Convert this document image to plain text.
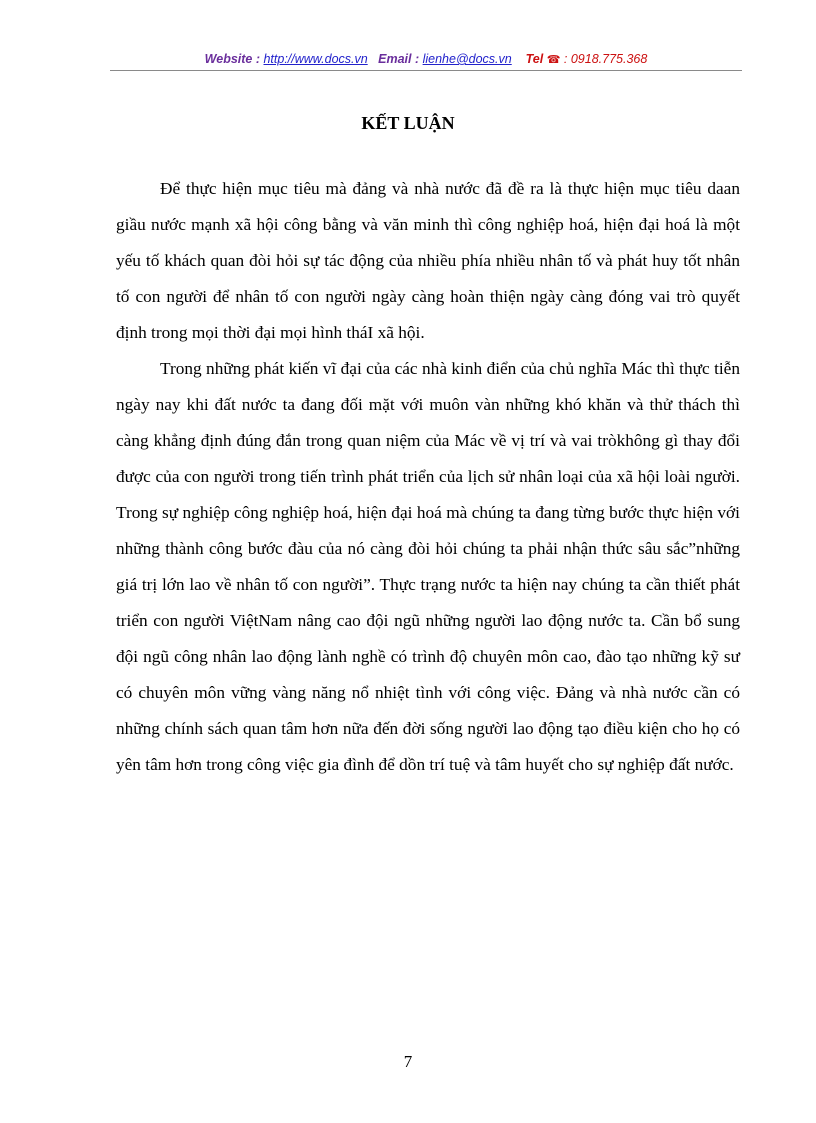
Website : http://www.docs.vn Email : lienhe@docs.vn Tel ☎ : 0918.775.368
KẾT LUẬN

Để thực hiện mục tiêu mà đảng và nhà nước đã đề ra là thực hiện mục tiêu daan giầu nước mạnh xã hội công bằng và văn minh thì công nghiệp hoá, hiện đại hoá là một yếu tố khách quan đòi hỏi sự tác động của nhiều phía nhiều nhân tố và phát huy tốt nhân tố con người để nhân tố con người ngày càng hoàn thiện ngày càng đóng vai trò quyết định trong mọi thời đại mọi hình tháI xã hội.

Trong những phát kiến vĩ đại của các nhà kinh điển của chủ nghĩa Mác thì thực tiễn ngày nay khi đất nước ta đang đối mặt với muôn vàn những khó khăn và thử thách thì càng khẳng định đúng đắn trong quan niệm của Mác về vị trí và vai tròkhông gì thay đổi được của con người trong tiến trình phát triển của lịch sử nhân loại của xã hội loài người. Trong sự nghiệp công nghiệp hoá, hiện đại hoá mà chúng ta đang từng bước thực hiện với những thành công bước đàu của nó càng đòi hỏi chúng ta phải nhận thức sâu sắc”những giá trị lớn lao về nhân tố con người”. Thực trạng nước ta hiện nay chúng ta cần thiết phát triển con người ViệtNam nâng cao đội ngũ những người lao động nước ta. Cần bổ sung đội ngũ công nhân lao động lành nghề có trình độ chuyên môn cao, đào tạo những kỹ sư có chuyên môn vững vàng năng nổ nhiệt tình với công việc. Đảng và nhà nước cần có những chính sách quan tâm hơn nữa đến đời sống người lao động tạo điều kiện cho họ có yên tâm hơn trong công việc gia đình để dồn trí tuệ và tâm huyết cho sự nghiệp đất nước.

7
